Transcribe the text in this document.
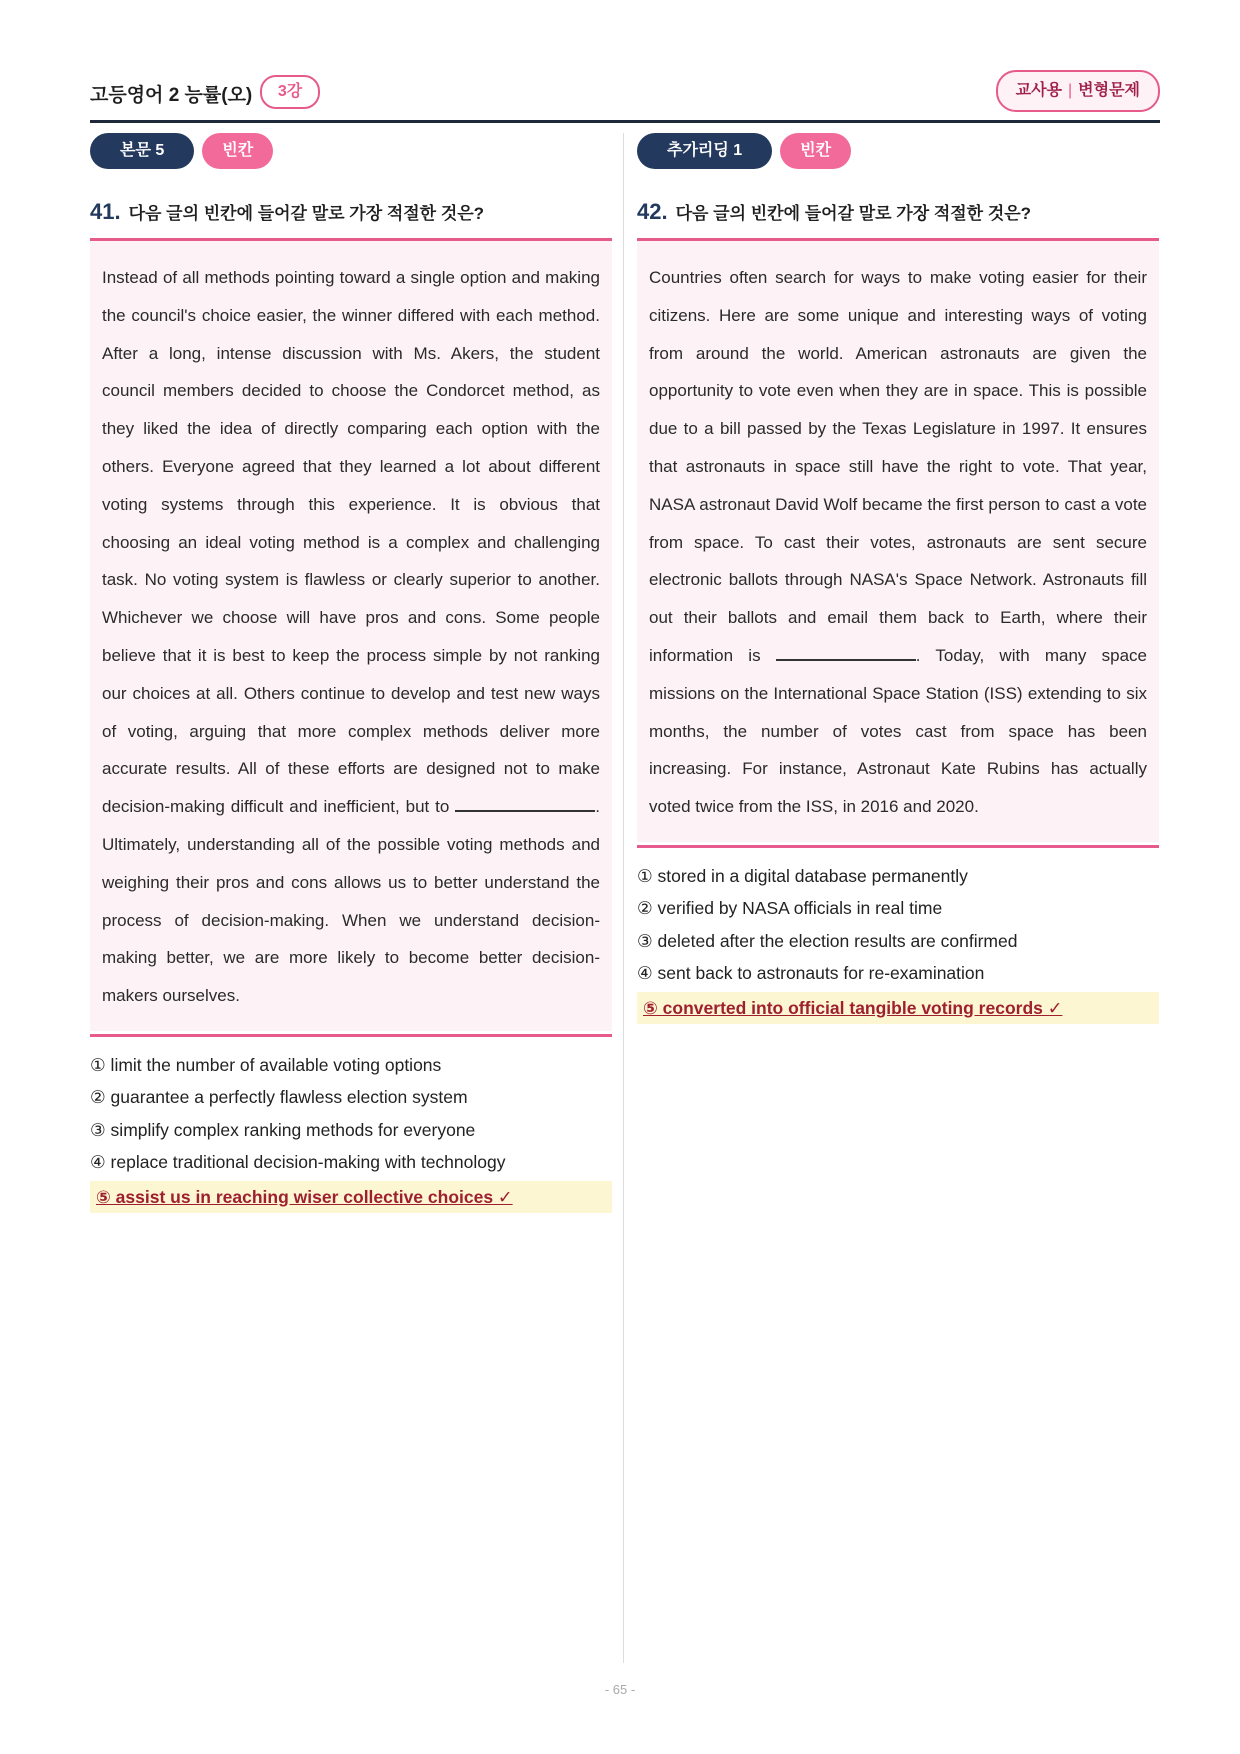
고등영어 2 능률(오)	3강	교사용 | 변형문제
본문 5	빈칸
41. 다음 글의 빈칸에 들어갈 말로 가장 적절한 것은?
Instead of all methods pointing toward a single option and making the council's choice easier, the winner differed with each method. After a long, intense discussion with Ms. Akers, the student council members decided to choose the Condorcet method, as they liked the idea of directly comparing each option with the others. Everyone agreed that they learned a lot about different voting systems through this experience. It is obvious that choosing an ideal voting method is a complex and challenging task. No voting system is flawless or clearly superior to another. Whichever we choose will have pros and cons. Some people believe that it is best to keep the process simple by not ranking our choices at all. Others continue to develop and test new ways of voting, arguing that more complex methods deliver more accurate results. All of these efforts are designed not to make decision-making difficult and inefficient, but to	. Ultimately, understanding all of the possible voting methods and weighing their pros and cons allows us to better understand the process of decision-making. When we understand decision-making better, we are more likely to become better decision-makers ourselves.
① limit the number of available voting options
② guarantee a perfectly flawless election system
③ simplify complex ranking methods for everyone
④ replace traditional decision-making with technology
⑤ assist us in reaching wiser collective choices ✓
추가리딩 1	빈칸
42. 다음 글의 빈칸에 들어갈 말로 가장 적절한 것은?
Countries often search for ways to make voting easier for their citizens. Here are some unique and interesting ways of voting from around the world. American astronauts are given the opportunity to vote even when they are in space. This is possible due to a bill passed by the Texas Legislature in 1997. It ensures that astronauts in space still have the right to vote. That year, NASA astronaut David Wolf became the first person to cast a vote from space. To cast their votes, astronauts are sent secure electronic ballots through NASA's Space Network. Astronauts fill out their ballots and email them back to Earth, where their information is	. Today, with many space missions on the International Space Station (ISS) extending to six months, the number of votes cast from space has been increasing. For instance, Astronaut Kate Rubins has actually voted twice from the ISS, in 2016 and 2020.
① stored in a digital database permanently
② verified by NASA officials in real time
③ deleted after the election results are confirmed
④ sent back to astronauts for re-examination
⑤ converted into official tangible voting records ✓
- 65 -
